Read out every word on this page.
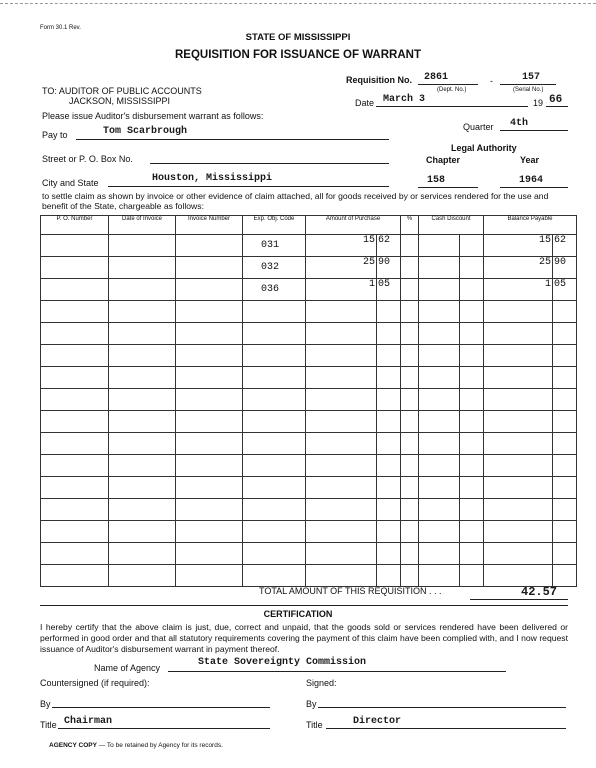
Form 30.1 Rev.
STATE OF MISSISSIPPI
REQUISITION FOR ISSUANCE OF WARRANT
Requisition No. 2861	-	157
(Dept. No.)	(Serial No.)
TO: AUDITOR OF PUBLIC ACCOUNTS
JACKSON, MISSISSIPPI
Please issue Auditor's disbursement warrant as follows:
Date March 3	19 66
Quarter 4th
Pay to	Tom Scarbrough
Legal Authority
Chapter	Year
Street or P. O. Box No.
City and State	Houston, Mississippi	158	1964
to settle claim as shown by invoice or other evidence of claim attached, all for goods received by or services rendered for the use and benefit of the State, chargeable as follows:
P. O. Number	Date of Invoice	Invoice Number	Exp. Obj. Code	Amount of Purchase	%	Cash Discount	Balance Payable
			031	15 62			15 62

			032	25 90			25 90

			036	1 05			1 05

TOTAL AMOUNT OF THIS REQUISITION . . .	42.57
CERTIFICATION
I hereby certify that the above claim is just, due, correct and unpaid, that the goods sold or services rendered have been delivered or performed in good order and that all statutory requirements covering the payment of this claim have been complied with, and I now request issuance of Auditor's disbursement warrant in payment thereof.
Name of Agency	State Sovereignty Commission
Countersigned (if required):	Signed:
By	By
Title Chairman	Title	Director
AGENCY COPY — To be retained by Agency for its records.
